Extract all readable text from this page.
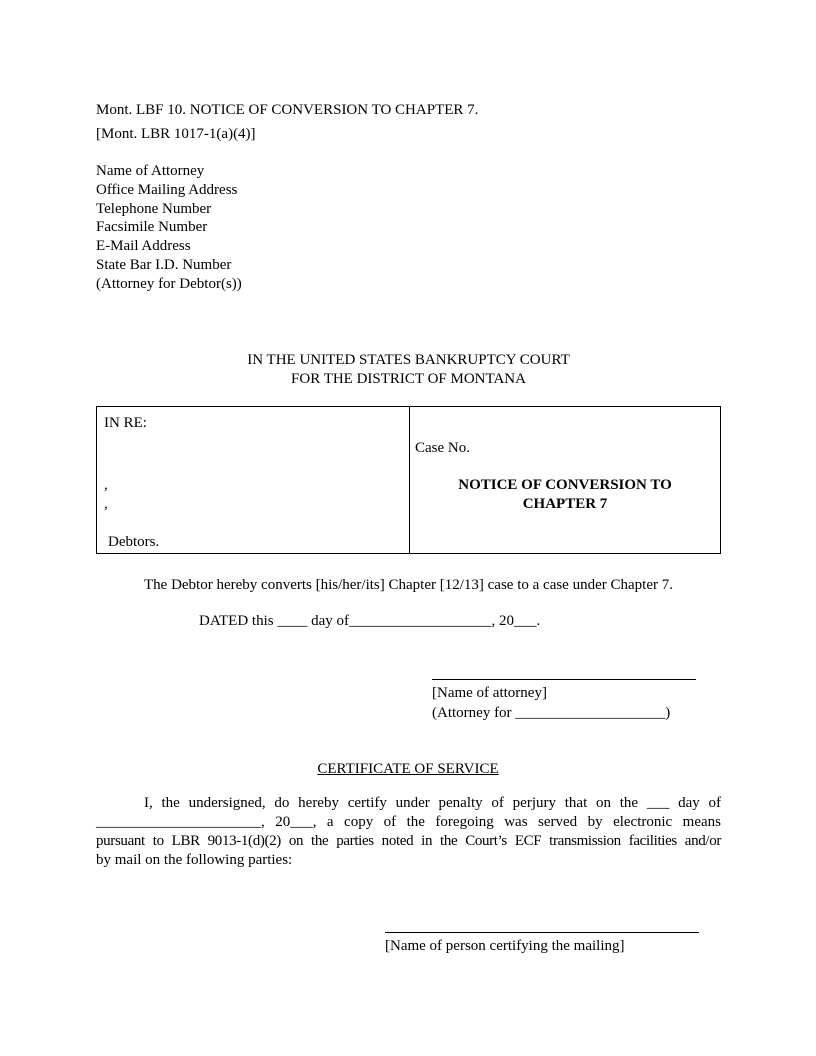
Mont. LBF 10. NOTICE OF CONVERSION TO CHAPTER 7.
[Mont. LBR 1017-1(a)(4)]
Name of Attorney
Office Mailing Address
Telephone Number
Facsimile Number
E-Mail Address
State Bar I.D. Number
(Attorney for Debtor(s))
IN THE UNITED STATES BANKRUPTCY COURT
FOR THE DISTRICT OF MONTANA
IN RE:
,
,
Debtors.
Case No.
NOTICE OF CONVERSION TO
CHAPTER 7
The Debtor hereby converts [his/her/its] Chapter [12/13] case to a case under Chapter 7.
DATED this ____ day of___________________, 20___.
[Name of attorney]
(Attorney for ____________________)
CERTIFICATE OF SERVICE
I, the undersigned, do hereby certify under penalty of perjury that on the ___ day of
______________________, 20___, a copy of the foregoing was served by electronic means
pursuant to LBR 9013-1(d)(2) on the parties noted in the Court’s ECF transmission facilities and/or
by mail on the following parties:
[Name of person certifying the mailing]
